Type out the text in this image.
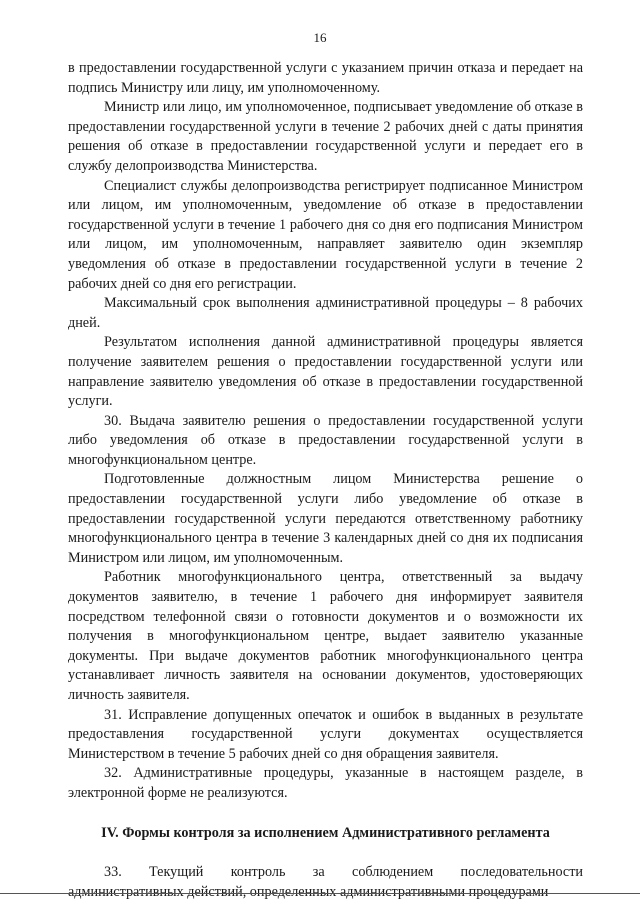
16

в предоставлении государственной услуги с указанием причин отказа и передает на подпись Министру или лицу, им уполномоченному.

Министр или лицо, им уполномоченное, подписывает уведомление об отказе в предоставлении государственной услуги в течение 2 рабочих дней с даты принятия решения об отказе в предоставлении государственной услуги и передает его в службу делопроизводства Министерства.

Специалист службы делопроизводства регистрирует подписанное Министром или лицом, им уполномоченным, уведомление об отказе в предоставлении государственной услуги в течение 1 рабочего дня со дня его подписания Министром или лицом, им уполномоченным, направляет заявителю один экземпляр уведомления об отказе в предоставлении государственной услуги в течение 2 рабочих дней со дня его регистрации.

Максимальный срок выполнения административной процедуры – 8 рабочих дней.

Результатом исполнения данной административной процедуры является получение заявителем решения о предоставлении государственной услуги или направление заявителю уведомления об отказе в предоставлении государственной услуги.

30. Выдача заявителю решения о предоставлении государственной услуги либо уведомления об отказе в предоставлении государственной услуги в многофункциональном центре.

Подготовленные должностным лицом Министерства решение о предоставлении государственной услуги либо уведомление об отказе в предоставлении государственной услуги передаются ответственному работнику многофункционального центра в течение 3 календарных дней со дня их подписания Министром или лицом, им уполномоченным.

Работник многофункционального центра, ответственный за выдачу документов заявителю, в течение 1 рабочего дня информирует заявителя посредством телефонной связи о готовности документов и о возможности их получения в многофункциональном центре, выдает заявителю указанные документы. При выдаче документов работник многофункционального центра устанавливает личность заявителя на основании документов, удостоверяющих личность заявителя.

31. Исправление допущенных опечаток и ошибок в выданных в результате предоставления государственной услуги документах осуществляется Министерством в течение 5 рабочих дней со дня обращения заявителя.

32. Административные процедуры, указанные в настоящем разделе, в электронной форме не реализуются.

IV. Формы контроля за исполнением Административного регламента

33. Текущий контроль за соблюдением последовательности административных действий, определенных административными процедурами
